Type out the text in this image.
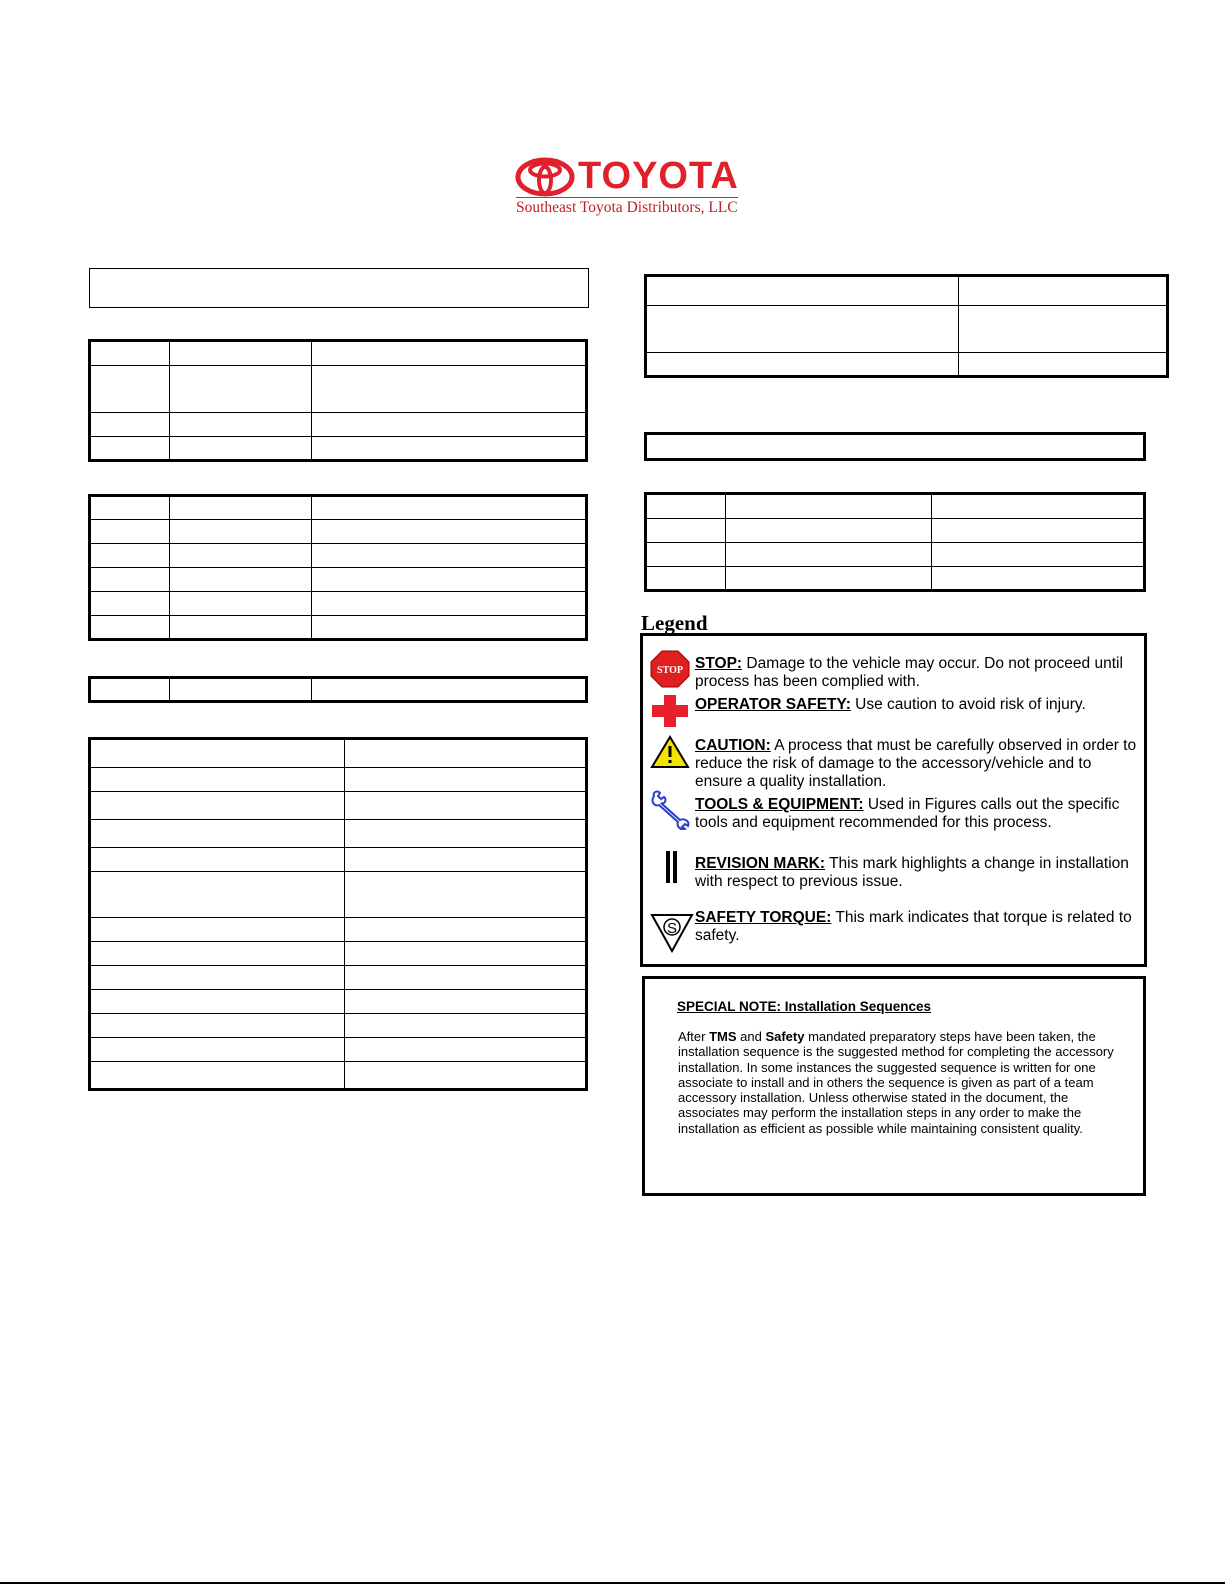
TOYOTA
Southeast Toyota Distributors, LLC

Legend
STOP STOP: Damage to the vehicle may occur. Do not proceed until process has been complied with.
OPERATOR SAFETY: Use caution to avoid risk of injury.
CAUTION: A process that must be carefully observed in order to reduce the risk of damage to the accessory/vehicle and to ensure a quality installation.
TOOLS & EQUIPMENT: Used in Figures calls out the specific tools and equipment recommended for this process.
REVISION MARK: This mark highlights a change in installation with respect to previous issue.
S
SAFETY TORQUE: This mark indicates that torque is related to safety.
SPECIAL NOTE: Installation Sequences
After TMS and Safety mandated preparatory steps have been taken, the installation sequence is the suggested method for completing the accessory installation. In some instances the suggested sequence is written for one associate to install and in others the sequence is given as part of a team accessory installation. Unless otherwise stated in the document, the associates may perform the installation steps in any order to make the installation as efficient as possible while maintaining consistent quality.
